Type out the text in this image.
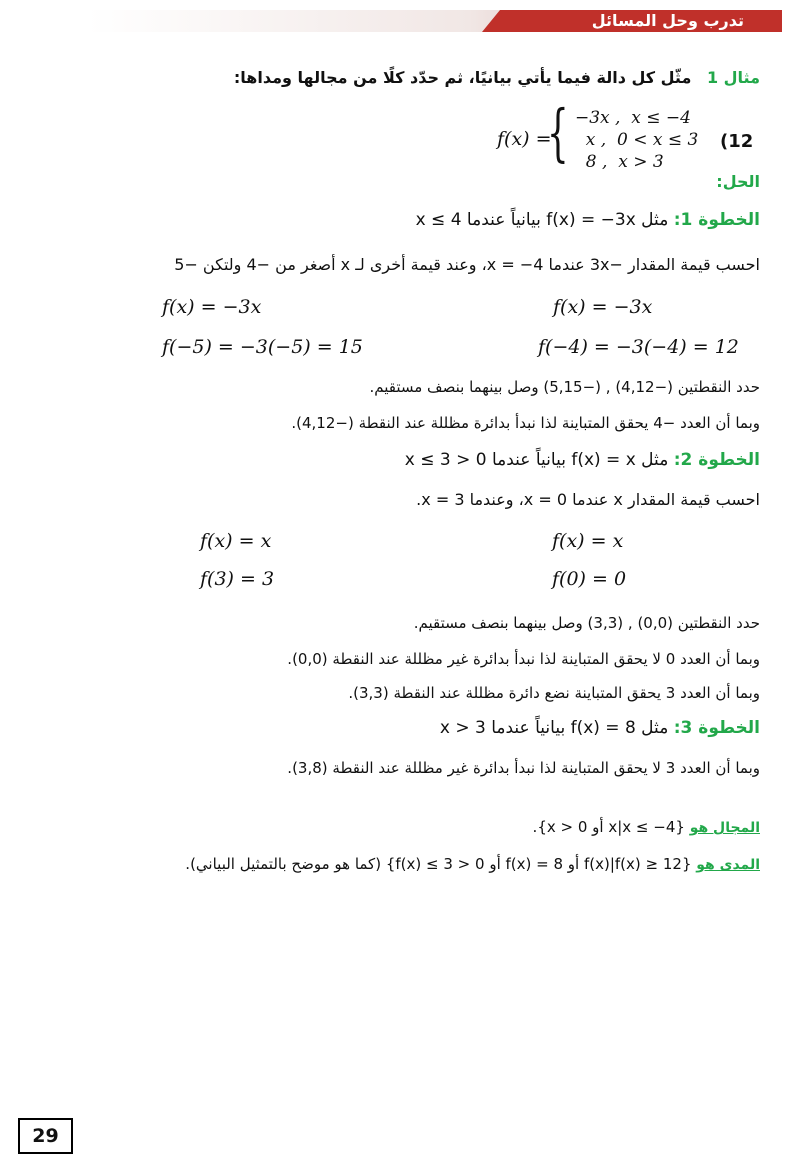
تدرب وحل المسائل
مثال 1 مثّل كل دالة فيما يأتي بيانيًا، ثم حدّد كلًا من مجالها ومداها:
f(x) =
{ −3x ,  x ≤ −4
x ,  0 < x ≤ 3
8 ,  x > 3
(12
الحل:
الخطوة 1: مثل f(x) = −3x بيانياً عندما x ≤ 4
احسب قيمة المقدار −3x عندما x = −4، وعند قيمة أخرى لـ x أصغر من −4 ولتكن −5
f(x) = −3x	f(x) = −3x
f(−5) = −3(−5) = 15	f(−4) = −3(−4) = 12
حدد النقطتين (−4,12) , (−5,15) وصل بينهما بنصف مستقيم.
وبما أن العدد −4 يحقق المتباينة لذا نبدأ بدائرة مظللة عند النقطة (−4,12).
الخطوة 2: مثل f(x) = x بيانياً عندما 0 < x ≤ 3
احسب قيمة المقدار x عندما x = 0، وعندما x = 3.
f(x) = x	f(x) = x
f(3) = 3	f(0) = 0
حدد النقطتين (0,0) , (3,3) وصل بينهما بنصف مستقيم.
وبما أن العدد 0 لا يحقق المتباينة لذا نبدأ بدائرة غير مظللة عند النقطة (0,0).
وبما أن العدد 3 يحقق المتباينة نضع دائرة مظللة عند النقطة (3,3).
الخطوة 3: مثل f(x) = 8 بيانياً عندما x > 3
وبما أن العدد 3 لا يحقق المتباينة لذا نبدأ بدائرة غير مظللة عند النقطة (3,8).
المجال هو {x|x ≤ −4 أو x > 0}.
المدى هو {f(x)|f(x) ≥ 12 أو f(x) = 8 أو 0 < f(x) ≤ 3} (كما هو موضح بالتمثيل البياني).
29
